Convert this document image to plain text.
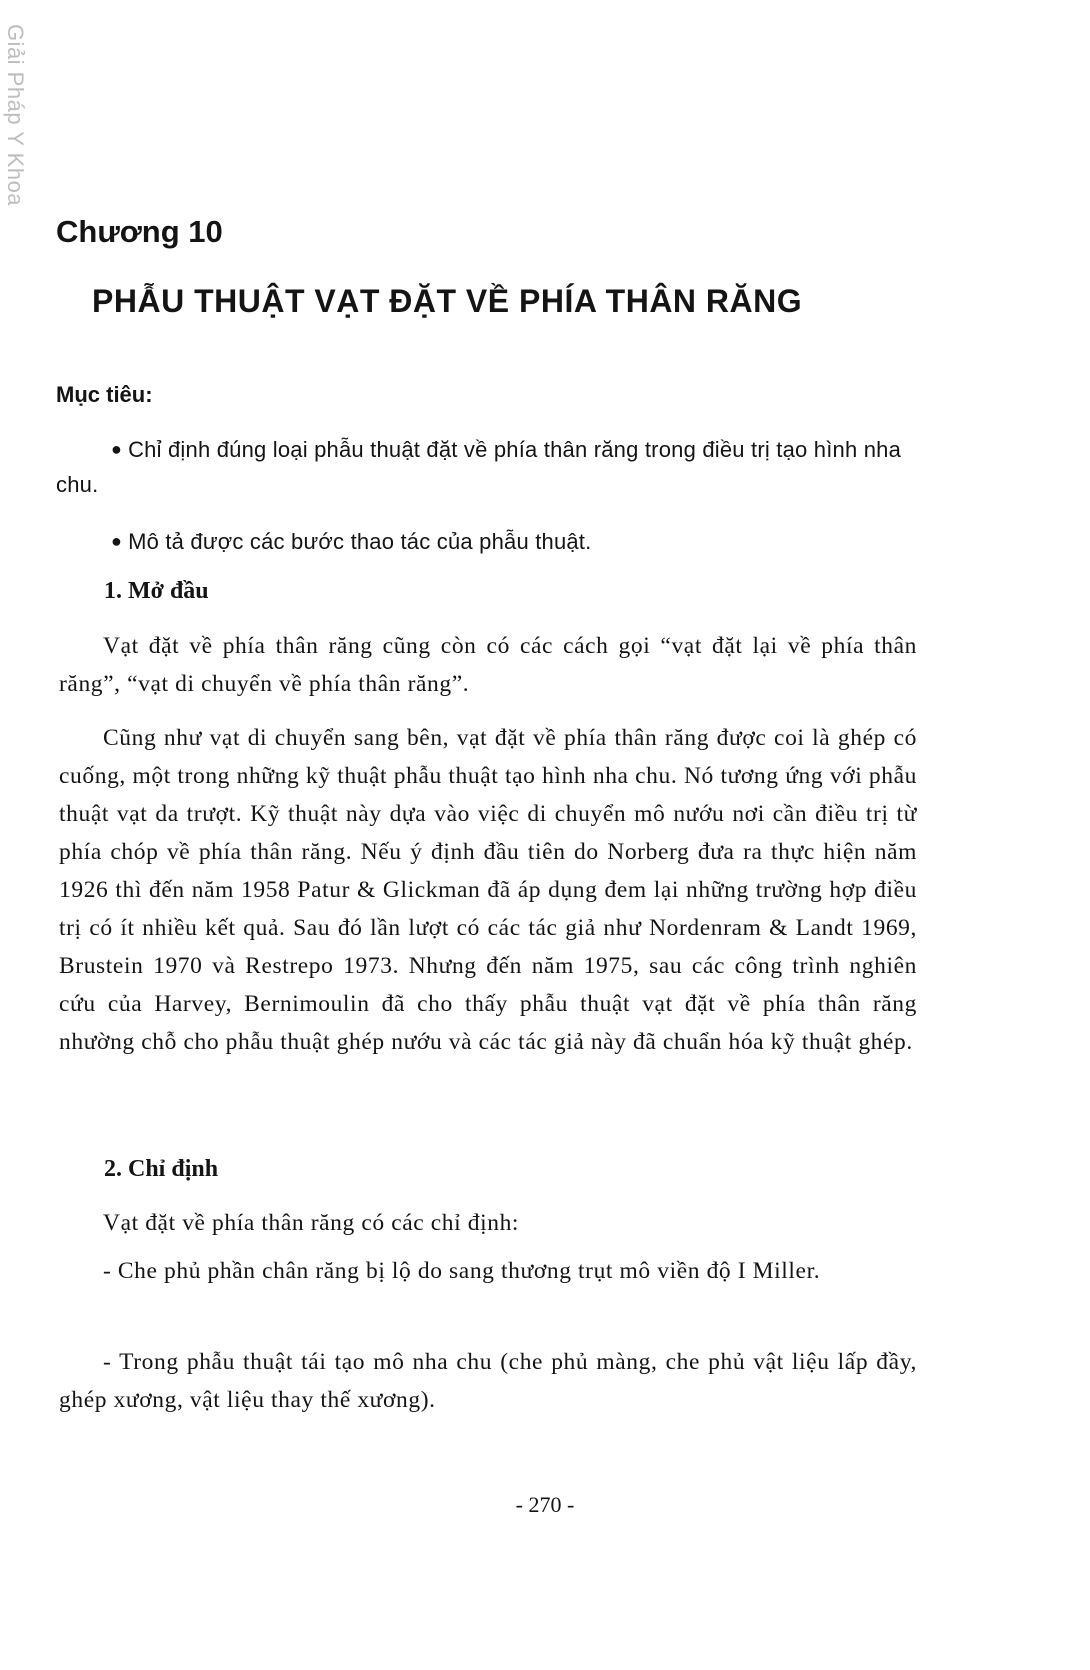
Giải Pháp Y Khoa
Chương 10
PHẪU THUẬT VẠT ĐẶT VỀ PHÍA THÂN RĂNG
Mục tiêu:
● Chỉ định đúng loại phẫu thuật đặt về phía thân răng trong điều trị tạo hình nha chu.
● Mô tả được các bước thao tác của phẫu thuật.
1. Mở đầu
Vạt đặt về phía thân răng cũng còn có các cách gọi “vạt đặt lại về phía thân răng”, “vạt di chuyển về phía thân răng”.
Cũng như vạt di chuyển sang bên, vạt đặt về phía thân răng được coi là ghép có cuống, một trong những kỹ thuật phẫu thuật tạo hình nha chu. Nó tương ứng với phẫu thuật vạt da trượt. Kỹ thuật này dựa vào việc di chuyển mô nướu nơi cần điều trị từ phía chóp về phía thân răng. Nếu ý định đầu tiên do Norberg đưa ra thực hiện năm 1926 thì đến năm 1958 Patur & Glickman đã áp dụng đem lại những trường hợp điều trị có ít nhiều kết quả. Sau đó lần lượt có các tác giả như Nordenram & Landt 1969, Brustein 1970 và Restrepo 1973. Nhưng đến năm 1975, sau các công trình nghiên cứu của Harvey, Bernimoulin đã cho thấy phẫu thuật vạt đặt về phía thân răng nhường chỗ cho phẫu thuật ghép nướu và các tác giả này đã chuẩn hóa kỹ thuật ghép.
2. Chỉ định
Vạt đặt về phía thân răng có các chỉ định:
- Che phủ phần chân răng bị lộ do sang thương trụt mô viền độ I Miller.
- Trong phẫu thuật tái tạo mô nha chu (che phủ màng, che phủ vật liệu lấp đầy, ghép xương, vật liệu thay thế xương).
- 270 -
